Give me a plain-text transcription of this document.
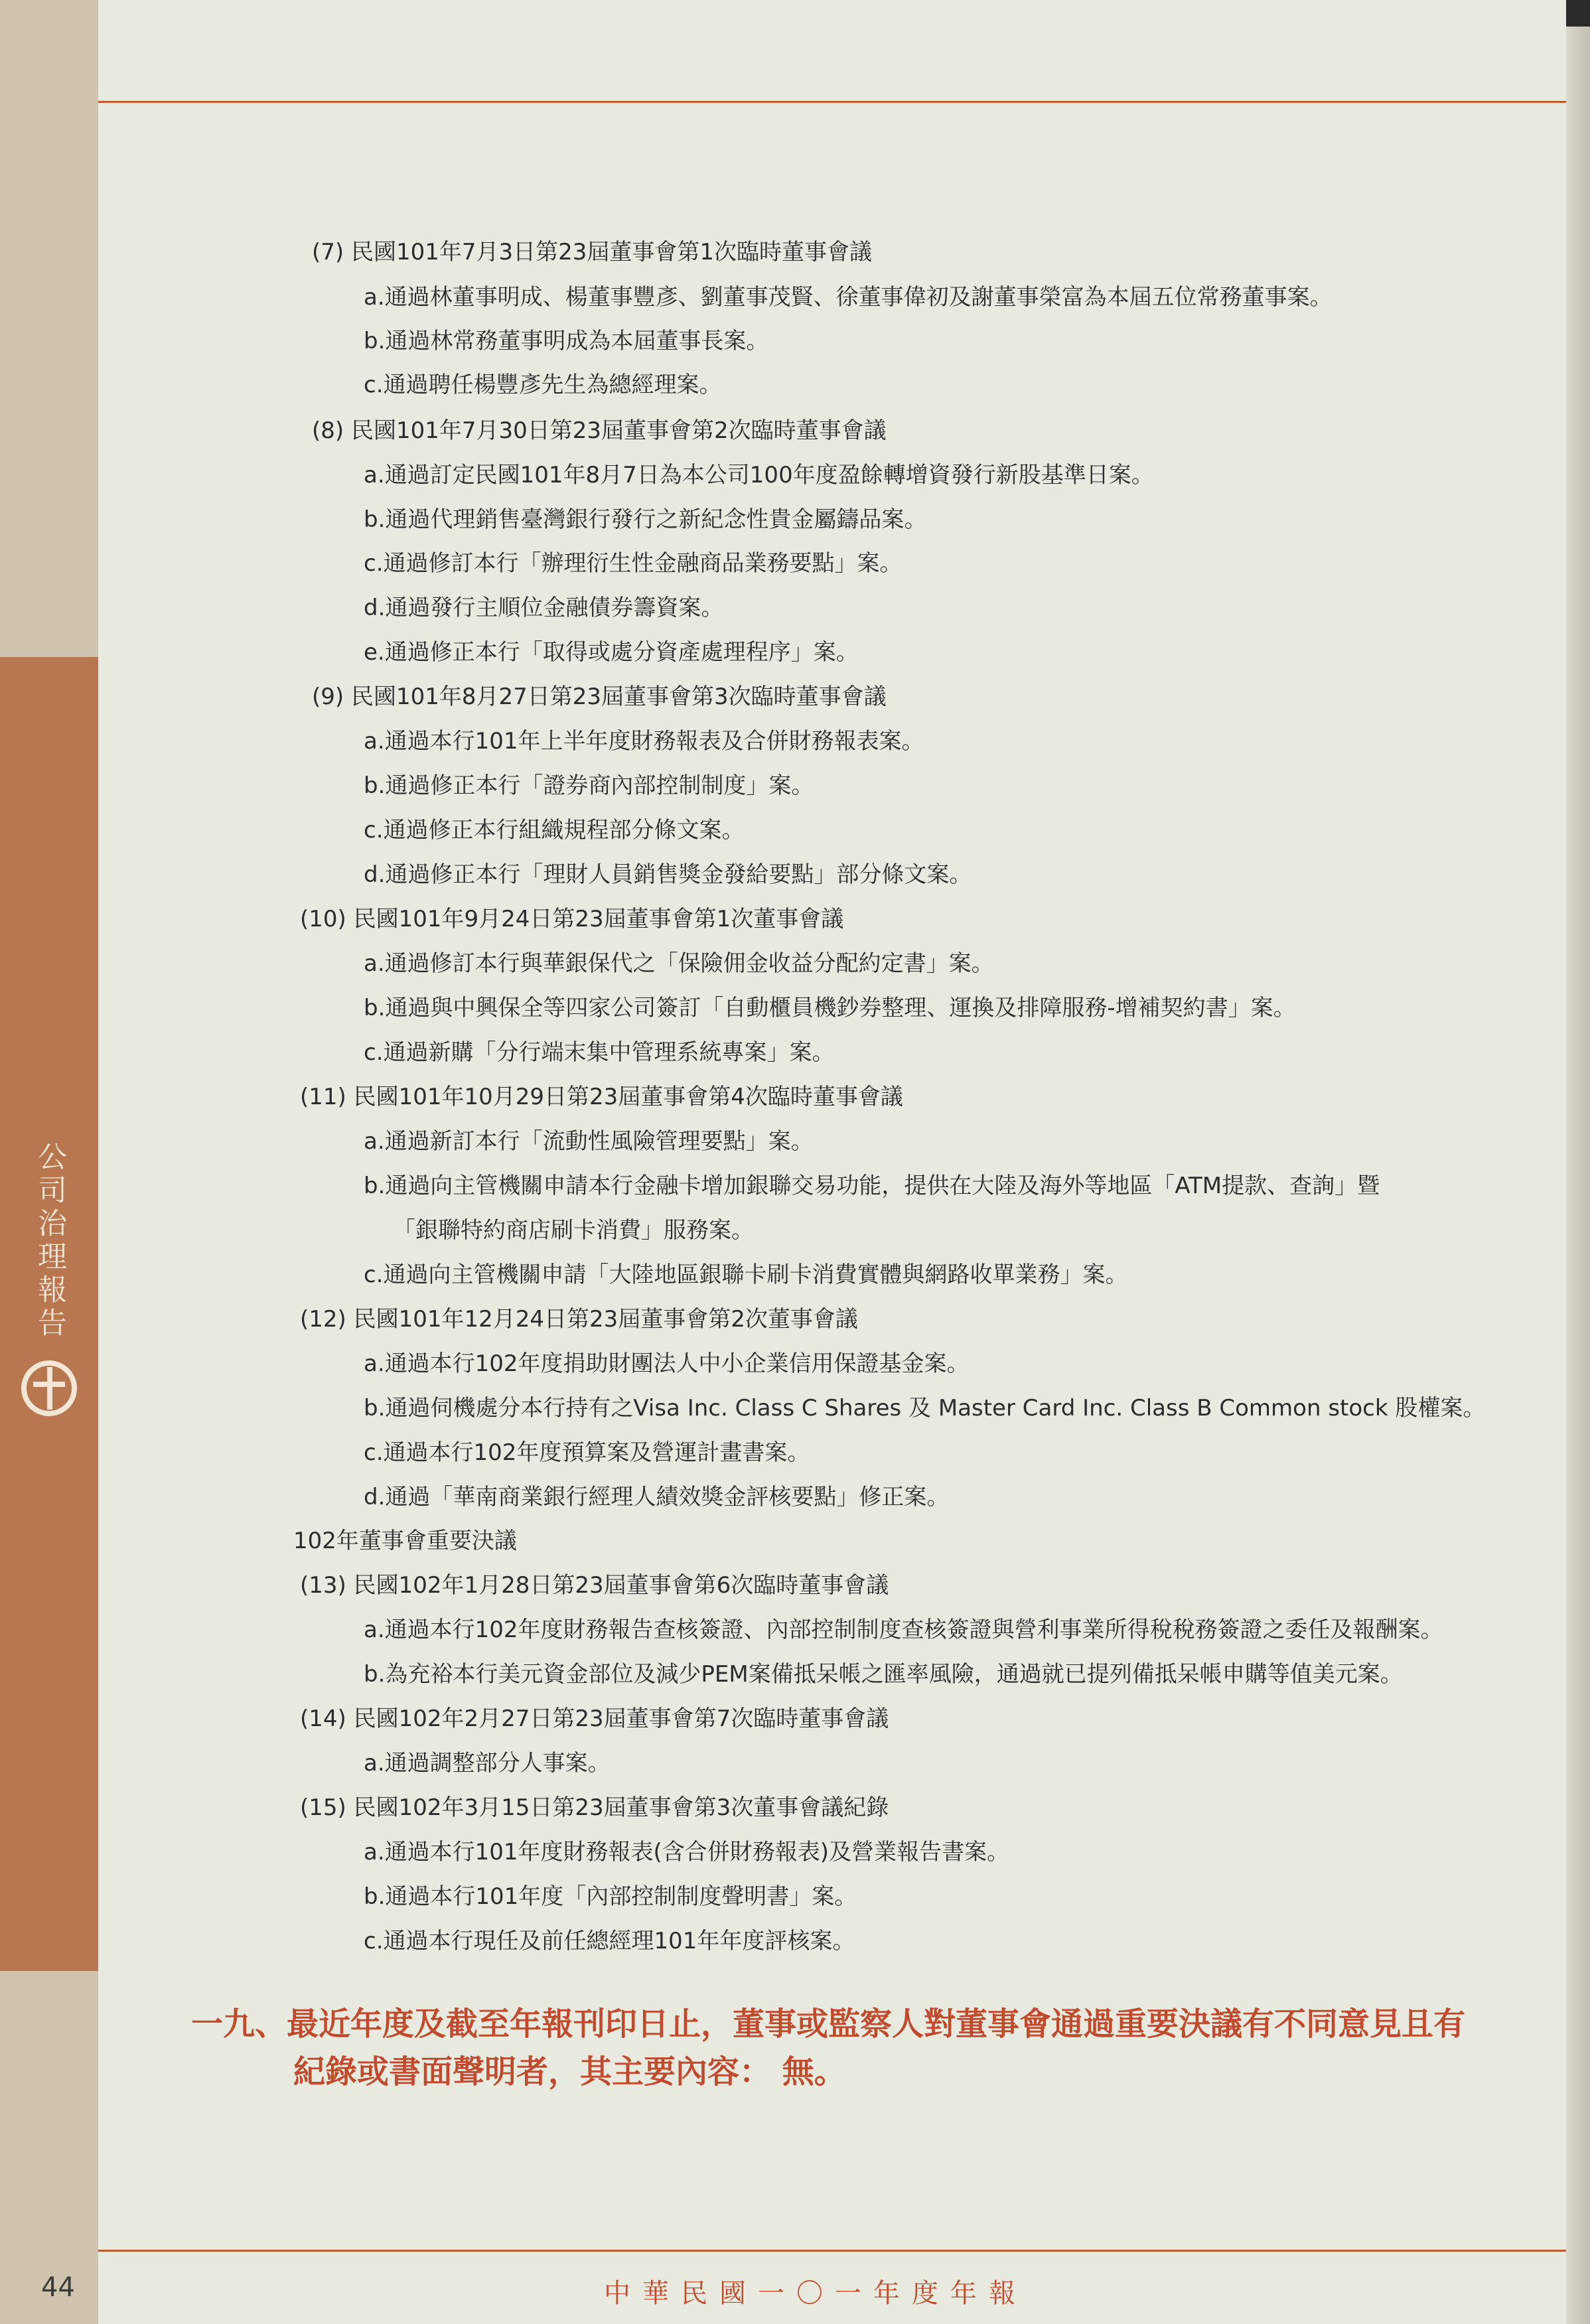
公司治理報告
(7) 民國101年7月3日第23屆董事會第1次臨時董事會議
a.通過林董事明成、楊董事豐彥、劉董事茂賢、徐董事偉初及謝董事榮富為本屆五位常務董事案。
b.通過林常務董事明成為本屆董事長案。
c.通過聘任楊豐彥先生為總經理案。
(8) 民國101年7月30日第23屆董事會第2次臨時董事會議
a.通過訂定民國101年8月7日為本公司100年度盈餘轉增資發行新股基準日案。
b.通過代理銷售臺灣銀行發行之新紀念性貴金屬鑄品案。
c.通過修訂本行「辦理衍生性金融商品業務要點」案。
d.通過發行主順位金融債券籌資案。
e.通過修正本行「取得或處分資產處理程序」案。
(9) 民國101年8月27日第23屆董事會第3次臨時董事會議
a.通過本行101年上半年度財務報表及合併財務報表案。
b.通過修正本行「證券商內部控制制度」案。
c.通過修正本行組織規程部分條文案。
d.通過修正本行「理財人員銷售獎金發給要點」部分條文案。
(10) 民國101年9月24日第23屆董事會第1次董事會議
a.通過修訂本行與華銀保代之「保險佣金收益分配約定書」案。
b.通過與中興保全等四家公司簽訂「自動櫃員機鈔券整理、運換及排障服務-增補契約書」案。
c.通過新購「分行端末集中管理系統專案」案。
(11) 民國101年10月29日第23屆董事會第4次臨時董事會議
a.通過新訂本行「流動性風險管理要點」案。
b.通過向主管機關申請本行金融卡增加銀聯交易功能，提供在大陸及海外等地區「ATM提款、查詢」暨
「銀聯特約商店刷卡消費」服務案。
c.通過向主管機關申請「大陸地區銀聯卡刷卡消費實體與網路收單業務」案。
(12) 民國101年12月24日第23屆董事會第2次董事會議
a.通過本行102年度捐助財團法人中小企業信用保證基金案。
b.通過伺機處分本行持有之Visa Inc. Class C Shares 及 Master Card Inc. Class B Common stock 股權案。
c.通過本行102年度預算案及營運計畫書案。
d.通過「華南商業銀行經理人績效獎金評核要點」修正案。
102年董事會重要決議
(13) 民國102年1月28日第23屆董事會第6次臨時董事會議
a.通過本行102年度財務報告查核簽證、內部控制制度查核簽證與營利事業所得稅稅務簽證之委任及報酬案。
b.為充裕本行美元資金部位及減少PEM案備抵呆帳之匯率風險，通過就已提列備抵呆帳申購等值美元案。
(14) 民國102年2月27日第23屆董事會第7次臨時董事會議
a.通過調整部分人事案。
(15) 民國102年3月15日第23屆董事會第3次董事會議紀錄
a.通過本行101年度財務報表(含合併財務報表)及營業報告書案。
b.通過本行101年度「內部控制制度聲明書」案。
c.通過本行現任及前任總經理101年年度評核案。
一九、最近年度及截至年報刊印日止，董事或監察人對董事會通過重要決議有不同意見且有
紀錄或書面聲明者，其主要內容： 無。
44	中華民國一〇一年度年報
